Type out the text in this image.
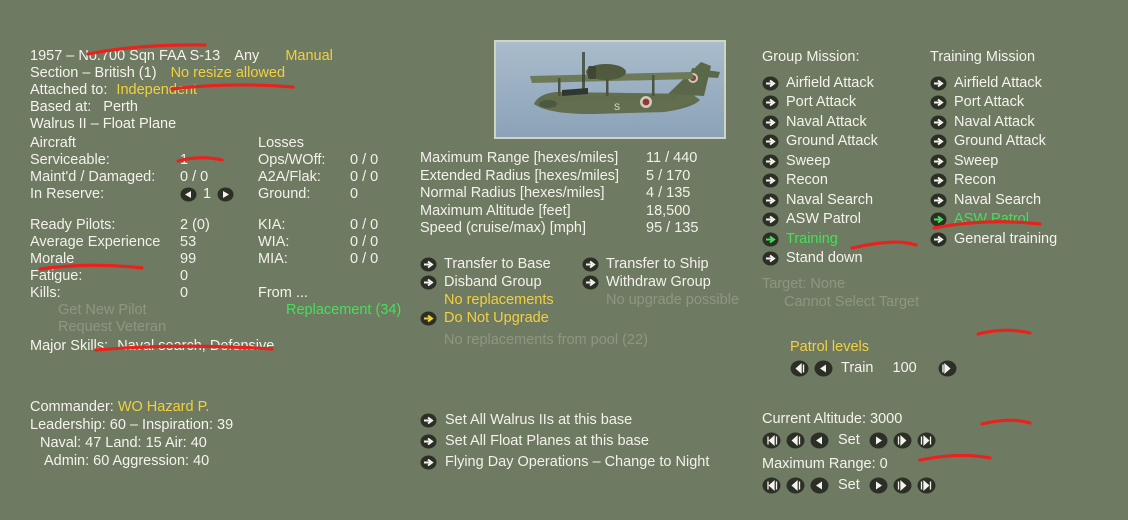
1957 – No.700 Sqn FAA S-13 Any Manual
Section – British (1) No resize allowed
Attached to: Independent
Based at: Perth
Walrus II – Float Plane
Aircraft	Losses
Serviceable:	1	Ops/WOff:	0 / 0
Maint'd / Damaged:	0 / 0	A2A/Flak:	0 / 0
In Reserve:	1	Ground:	0
Ready Pilots:	2 (0)	KIA:	0 / 0
Average Experience	53	WIA:	0 / 0
Morale	99	MIA:	0 / 0
Fatigue:	0
Kills:	0	From ...
Get New Pilot	Replacement (34)
Request Veteran
Major Skills: Naval search, Defensive
S
Maximum Range [hexes/miles]	11 / 440
Extended Radius [hexes/miles]	5 / 170
Normal Radius [hexes/miles]	4 / 135
Maximum Altitude [feet]	18,500
Speed (cruise/max) [mph]	95 / 135
Transfer to Base	Transfer to Ship
Disband Group	Withdraw Group
No replacements	No upgrade possible
Do Not Upgrade
No replacements from pool (22)
Commander: WO Hazard P.
Leadership: 60 – Inspiration: 39
Naval: 47 Land: 15 Air: 40
Admin: 60 Aggression: 40
Set All Walrus IIs at this base
Set All Float Planes at this base
Flying Day Operations – Change to Night
Group Mission:	Training Mission
Airfield Attack	Airfield Attack
Port Attack	Port Attack
Naval Attack	Naval Attack
Ground Attack	Ground Attack
Sweep	Sweep
Recon	Recon
Naval Search	Naval Search
ASW Patrol	ASW Patrol
Training	General training
Stand down
Target: None
Cannot Select Target
Patrol levels
Train 100
Current Altitude: 3000
Set
Maximum Range: 0
Set
